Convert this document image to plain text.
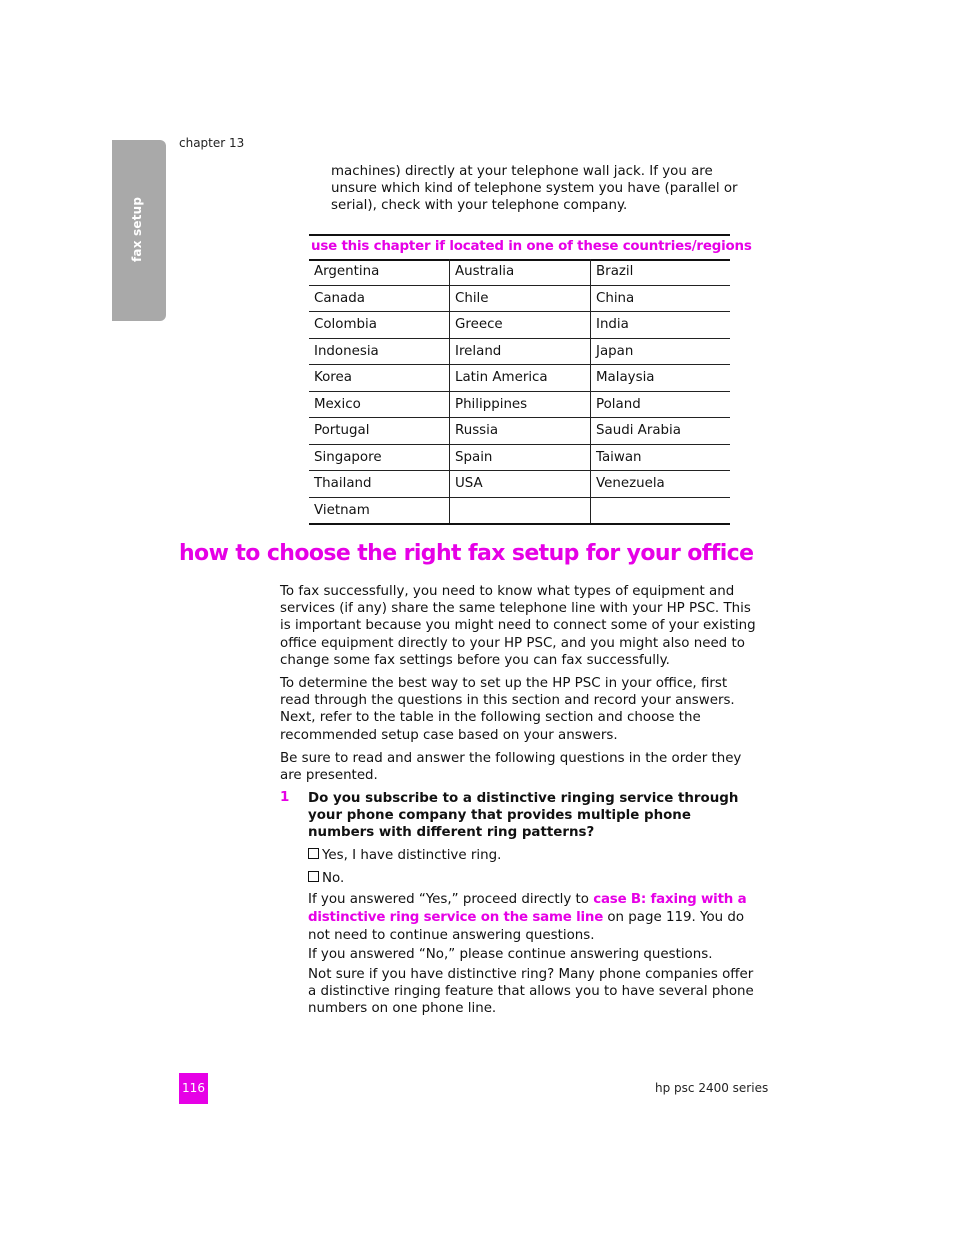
fax setup
chapter 13
machines) directly at your telephone wall jack. If you are unsure which kind of telephone system you have (parallel or serial), check with your telephone company.
use this chapter if located in one of these countries/regions
Argentina	Australia	Brazil
Canada	Chile	China
Colombia	Greece	India
Indonesia	Ireland	Japan
Korea	Latin America	Malaysia
Mexico	Philippines	Poland
Portugal	Russia	Saudi Arabia
Singapore	Spain	Taiwan
Thailand	USA	Venezuela
Vietnam		
how to choose the right fax setup for your office
To fax successfully, you need to know what types of equipment and services (if any) share the same telephone line with your HP PSC. This is important because you might need to connect some of your existing office equipment directly to your HP PSC, and you might also need to change some fax settings before you can fax successfully.
To determine the best way to set up the HP PSC in your office, first read through the questions in this section and record your answers. Next, refer to the table in the following section and choose the recommended setup case based on your answers.
Be sure to read and answer the following questions in the order they are presented.
1 Do you subscribe to a distinctive ringing service through your phone company that provides multiple phone numbers with different ring patterns?
Yes, I have distinctive ring.
No.
If you answered “Yes,” proceed directly to case B: faxing with a distinctive ring service on the same line on page 119. You do not need to continue answering questions.
If you answered “No,” please continue answering questions.
Not sure if you have distinctive ring? Many phone companies offer a distinctive ringing feature that allows you to have several phone numbers on one phone line.
116	hp psc 2400 series
